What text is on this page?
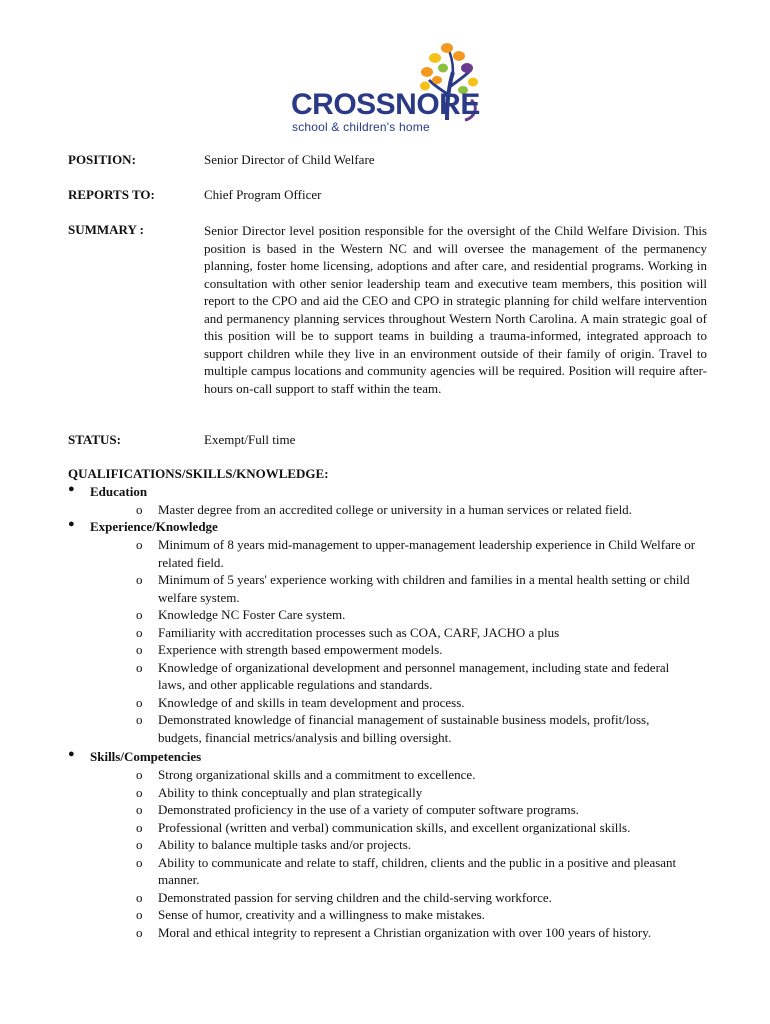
CROSSNORE
school & children's home
POSITION:	Senior Director of Child Welfare
REPORTS TO:	Chief Program Officer
SUMMARY :	Senior Director level position responsible for the oversight of the Child Welfare Division. This position is based in the Western NC and will oversee the management of the permanency planning, foster home licensing, adoptions and after care, and residential programs. Working in consultation with other senior leadership team and executive team members, this position will report to the CPO and aid the CEO and CPO in strategic planning for child welfare intervention and permanency planning services throughout Western North Carolina. A main strategic goal of this position will be to support teams in building a trauma-informed, integrated approach to support children while they live in an environment outside of their family of origin. Travel to multiple campus locations and community agencies will be required. Position will require after-hours on-call support to staff within the team.
STATUS:	Exempt/Full time
QUALIFICATIONS/SKILLS/KNOWLEDGE:
● Education
o Master degree from an accredited college or university in a human services or related field.
● Experience/Knowledge
o Minimum of 8 years mid-management to upper-management leadership experience in Child Welfare or related field.
o Minimum of 5 years' experience working with children and families in a mental health setting or child welfare system.
o Knowledge NC Foster Care system.
o Familiarity with accreditation processes such as COA, CARF, JACHO a plus
o Experience with strength based empowerment models.
o Knowledge of organizational development and personnel management, including state and federal laws, and other applicable regulations and standards.
o Knowledge of and skills in team development and process.
o Demonstrated knowledge of financial management of sustainable business models, profit/loss, budgets, financial metrics/analysis and billing oversight.
● Skills/Competencies
o Strong organizational skills and a commitment to excellence.
o Ability to think conceptually and plan strategically
o Demonstrated proficiency in the use of a variety of computer software programs.
o Professional (written and verbal) communication skills, and excellent organizational skills.
o Ability to balance multiple tasks and/or projects.
o Ability to communicate and relate to staff, children, clients and the public in a positive and pleasant manner.
o Demonstrated passion for serving children and the child-serving workforce.
o Sense of humor, creativity and a willingness to make mistakes.
o Moral and ethical integrity to represent a Christian organization with over 100 years of history.
